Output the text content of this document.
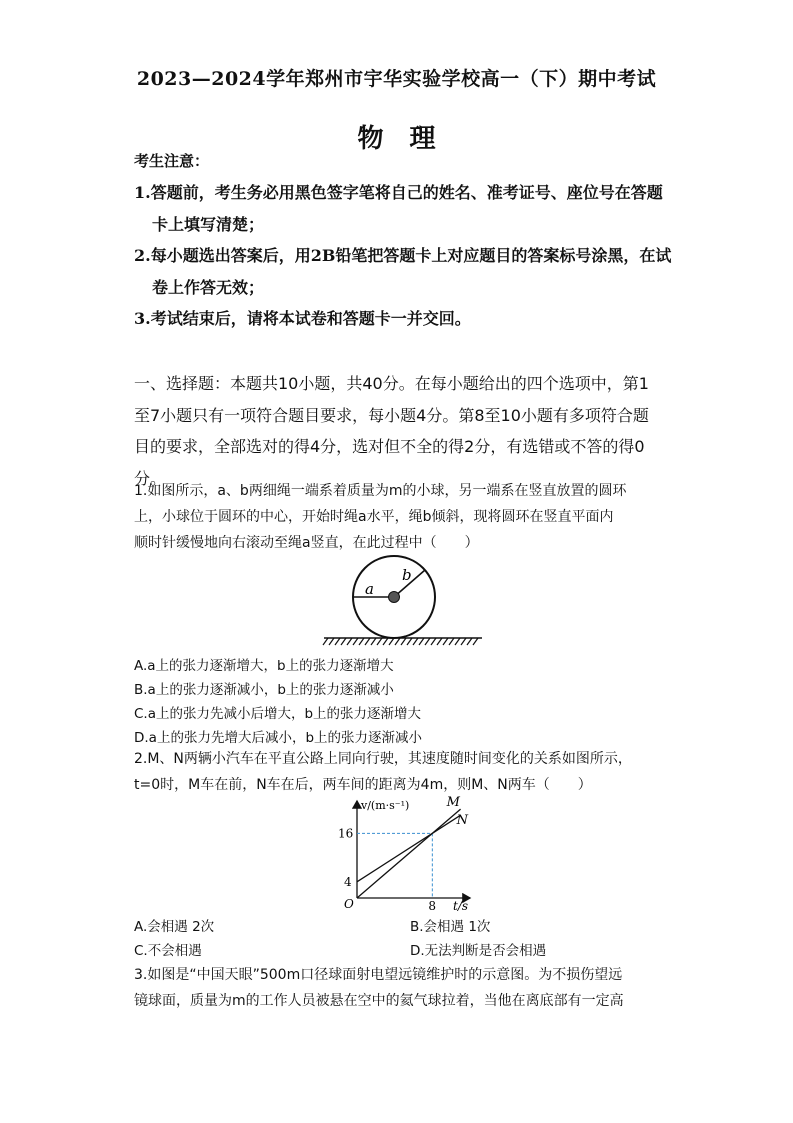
2023—2024学年郑州市宇华实验学校高一（下）期中考试
物理
考生注意：
1.答题前，考生务必用黑色签字笔将自己的姓名、准考证号、座位号在答题
卡上填写清楚；
2.每小题选出答案后，用2B铅笔把答题卡上对应题目的答案标号涂黑，在试
卷上作答无效；
3.考试结束后，请将本试卷和答题卡一并交回。
一、选择题：本题共10小题，共40分。在每小题给出的四个选项中，第1
至7小题只有一项符合题目要求，每小题4分。第8至10小题有多项符合题
目的要求，全部选对的得4分，选对但不全的得2分，有选错或不答的得0
分。
1.如图所示，a、b两细绳一端系着质量为m的小球，另一端系在竖直放置的圆环
上，小球位于圆环的中心，开始时绳a水平，绳b倾斜，现将圆环在竖直平面内
顺时针缓慢地向右滚动至绳a竖直，在此过程中（　　）
a
b
A.a上的张力逐渐增大，b上的张力逐渐增大
B.a上的张力逐渐减小，b上的张力逐渐减小
C.a上的张力先减小后增大，b上的张力逐渐增大
D.a上的张力先增大后减小，b上的张力逐渐减小
2.M、N两辆小汽车在平直公路上同向行驶，其速度随时间变化的关系如图所示，
t=0时，M车在前，N车在后，两车间的距离为4m，则M、N两车（　　）
M
N
v/(m·s⁻¹)
t/s
O
4
16
8
A.会相遇 2次	B.会相遇 1次
C.不会相遇	D.无法判断是否会相遇
3.如图是“中国天眼”500m口径球面射电望远镜维护时的示意图。为不损伤望远
镜球面，质量为m的工作人员被悬在空中的氦气球拉着，当他在离底部有一定高
